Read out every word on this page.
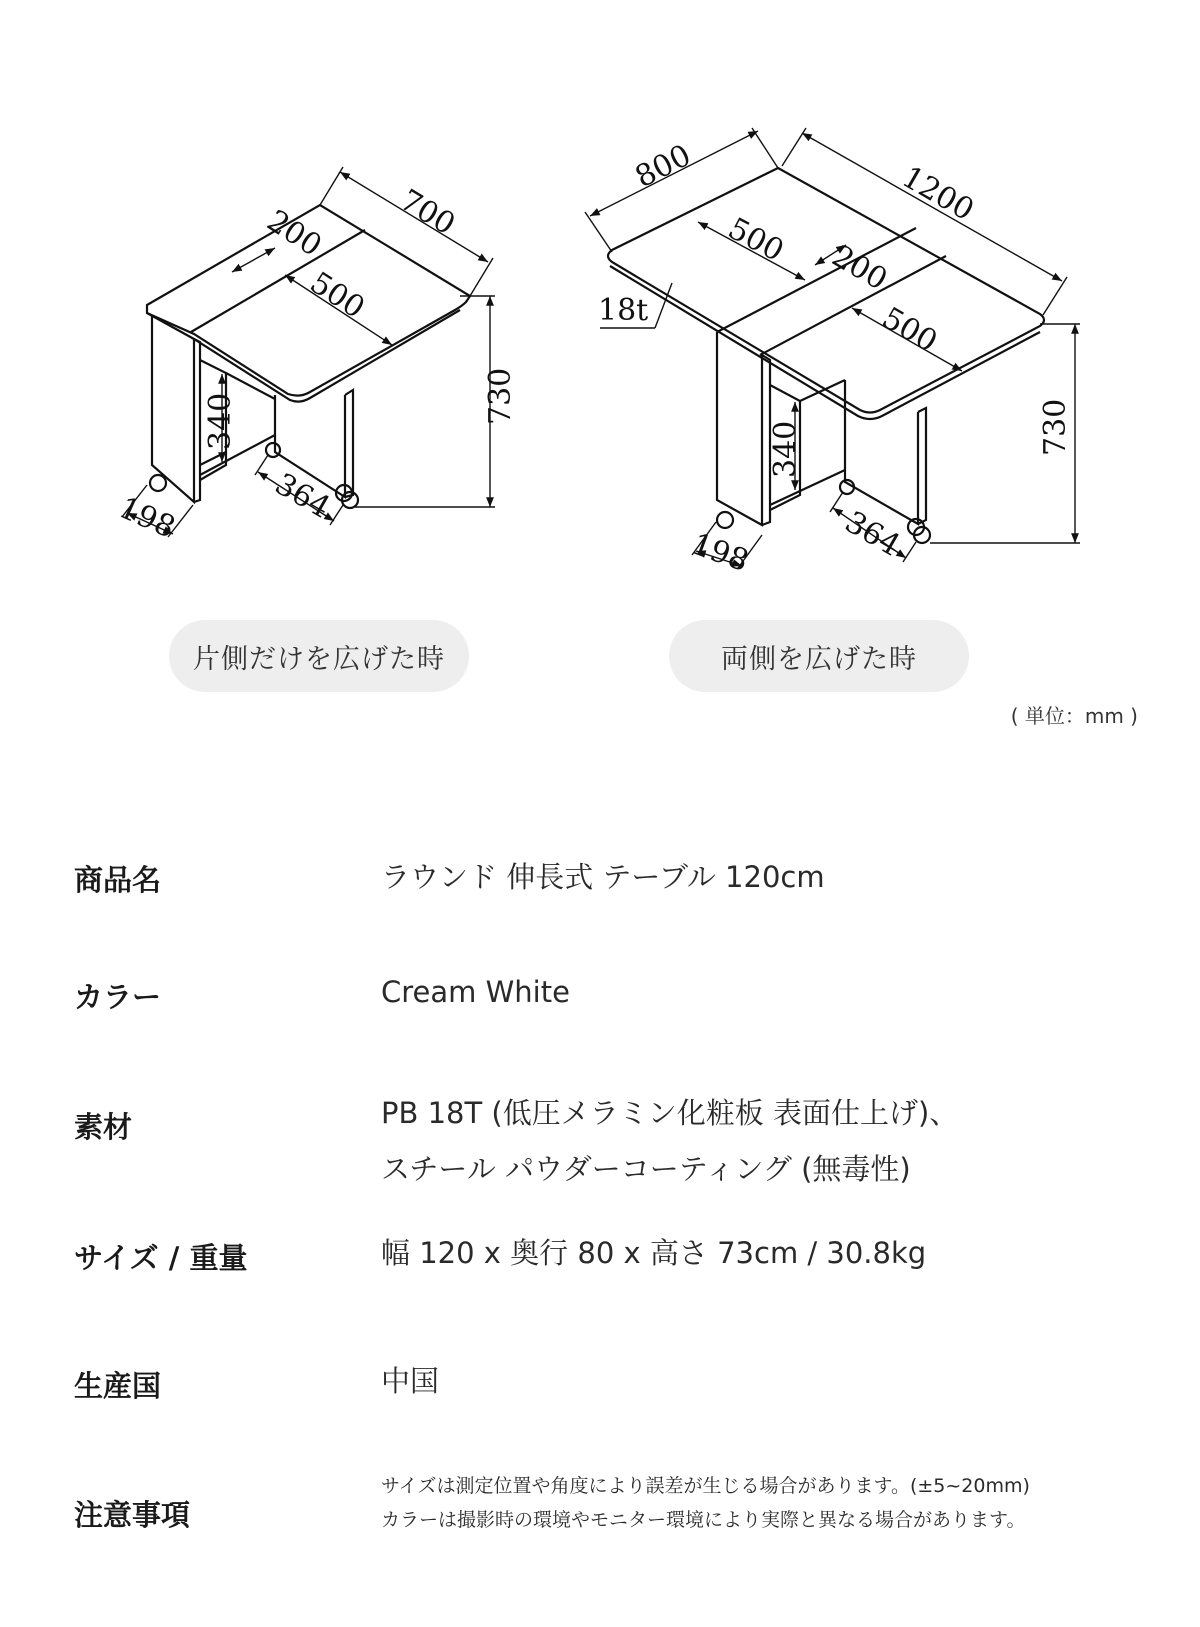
700
200
500
730
340
198	364
800	1200
500 200
500
18t
730
340
198	364
片側だけを広げた時	両側を広げた時
( 単位：mm )
商品名	ラウンド 伸長式 テーブル 120cm
カラー	Cream White
素材	PB 18T (低圧メラミン化粧板 表面仕上げ)、
スチール パウダーコーティング (無毒性)
サイズ / 重量	幅 120 x 奥行 80 x 高さ 73cm / 30.8kg
生産国	中国
注意事項
サイズは測定位置や角度により誤差が生じる場合があります。(±5~20mm)
カラーは撮影時の環境やモニター環境により実際と異なる場合があります。
